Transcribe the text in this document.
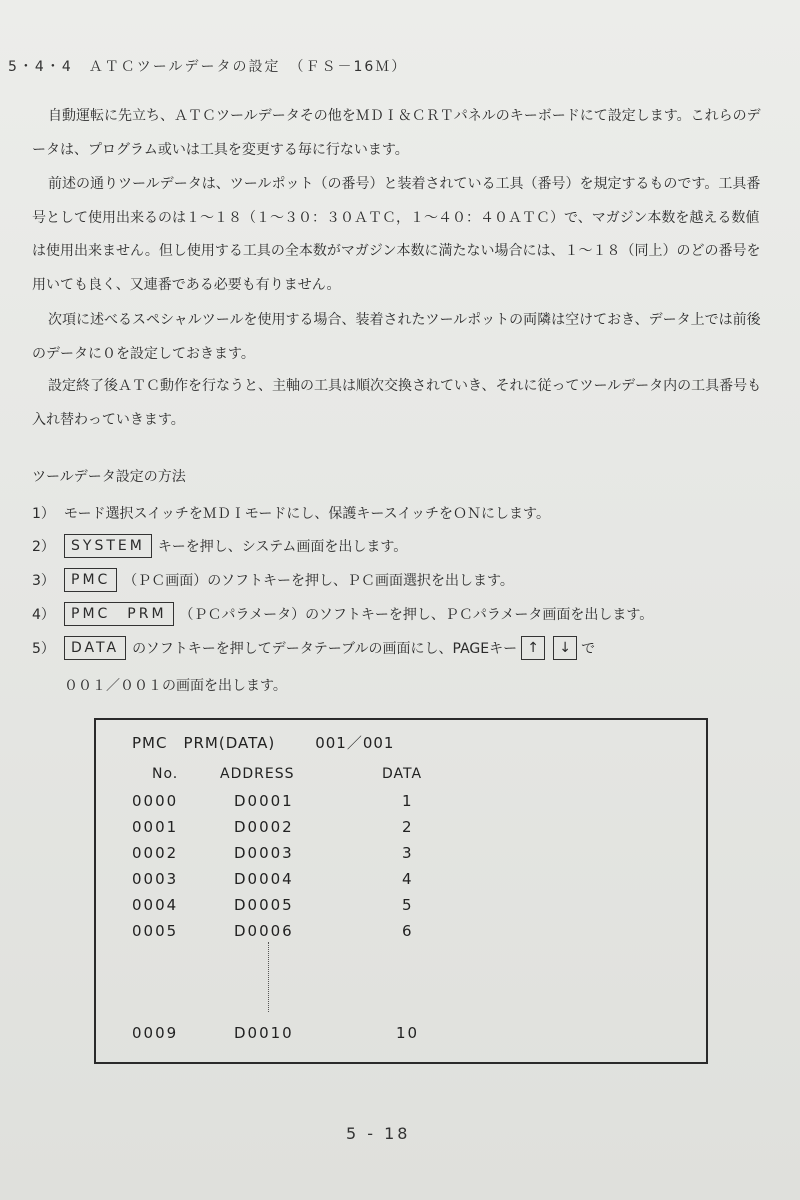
5・4・4　ＡＴＣツールデータの設定　（ＦＳ－16Ｍ）
自動運転に先立ち、ＡＴＣツールデータその他をＭＤＩ＆ＣＲＴパネルのキーボードにて設定します。これらのデータは、プログラム或いは工具を変更する毎に行ないます。
前述の通りツールデータは、ツールポット（の番号）と装着されている工具（番号）を規定するものです。工具番号として使用出来るのは１～１８（１～３０：３０ＡＴＣ，１～４０：４０ＡＴＣ）で、マガジン本数を越える数値は使用出来ません。但し使用する工具の全本数がマガジン本数に満たない場合には、１～１８（同上）のどの番号を用いても良く、又連番である必要も有りません。
次項に述べるスペシャルツールを使用する場合、装着されたツールポットの両隣は空けておき、データ上では前後のデータに０を設定しておきます。
設定終了後ＡＴＣ動作を行なうと、主軸の工具は順次交換されていき、それに従ってツールデータ内の工具番号も入れ替わっていきます。
ツールデータ設定の方法
1） モード選択スイッチをＭＤＩモードにし、保護キースイッチをＯＮにします。
2）	SYSTEM キーを押し、システム画面を出します。
3）	PMC （ＰＣ画面）のソフトキーを押し、ＰＣ画面選択を出します。
4）	PMC　PRM （ＰＣパラメータ）のソフトキーを押し、ＰＣパラメータ画面を出します。
5）	DATA のソフトキーを押してデータテーブルの画面にし、PAGEキー ↑	↓ で
００１／００１の画面を出します。
PMC　PRM(DATA)	001／001
No.	ADDRESS	DATA
0000	D0001	1
0001	D0002	2
0002	D0003	3
0003	D0004	4
0004	D0005	5
0005	D0006	6
0009	D0010	10
5 - 18
